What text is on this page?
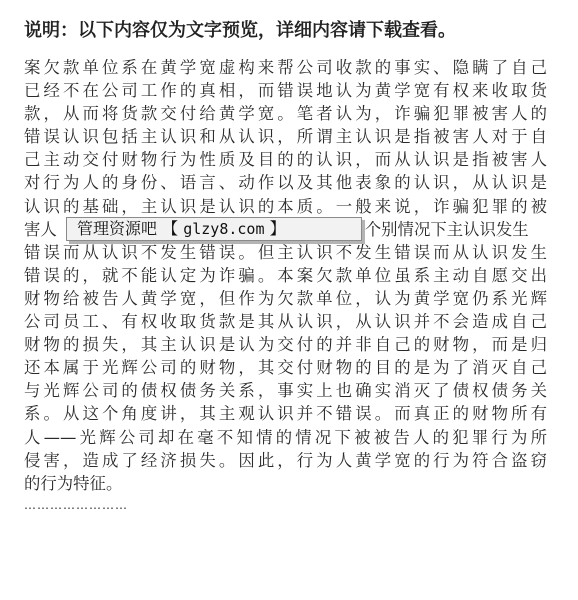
说明：以下内容仅为文字预览，详细内容请下载查看。
案欠款单位系在黄学宽虚构来帮公司收款的事实、隐瞒了自己
已经不在公司工作的真相，而错误地认为黄学宽有权来收取货
款，从而将货款交付给黄学宽。笔者认为，诈骗犯罪被害人的
错误认识包括主认识和从认识，所谓主认识是指被害人对于自
己主动交付财物行为性质及目的的认识，而从认识是指被害人
对行为人的身份、语言、动作以及其他表象的认识，从认识是
认识的基础，主认识是认识的本质。一般来说，诈骗犯罪的被
害人	个别情况下主认识发生
管理资源吧 【 glzy8.com 】
错误而从认识不发生错误。但主认识不发生错误而从认识发生
错误的，就不能认定为诈骗。本案欠款单位虽系主动自愿交出
财物给被告人黄学宽，但作为欠款单位，认为黄学宽仍系光辉
公司员工、有权收取货款是其从认识，从认识并不会造成自己
财物的损失，其主认识是认为交付的并非自己的财物，而是归
还本属于光辉公司的财物，其交付财物的目的是为了消灭自己
与光辉公司的债权债务关系，事实上也确实消灭了债权债务关
系。从这个角度讲，其主观认识并不错误。而真正的财物所有
人——光辉公司却在毫不知情的情况下被被告人的犯罪行为所
侵害，造成了经济损失。因此，行为人黄学宽的行为符合盗窃
的行为特征。
……………………
